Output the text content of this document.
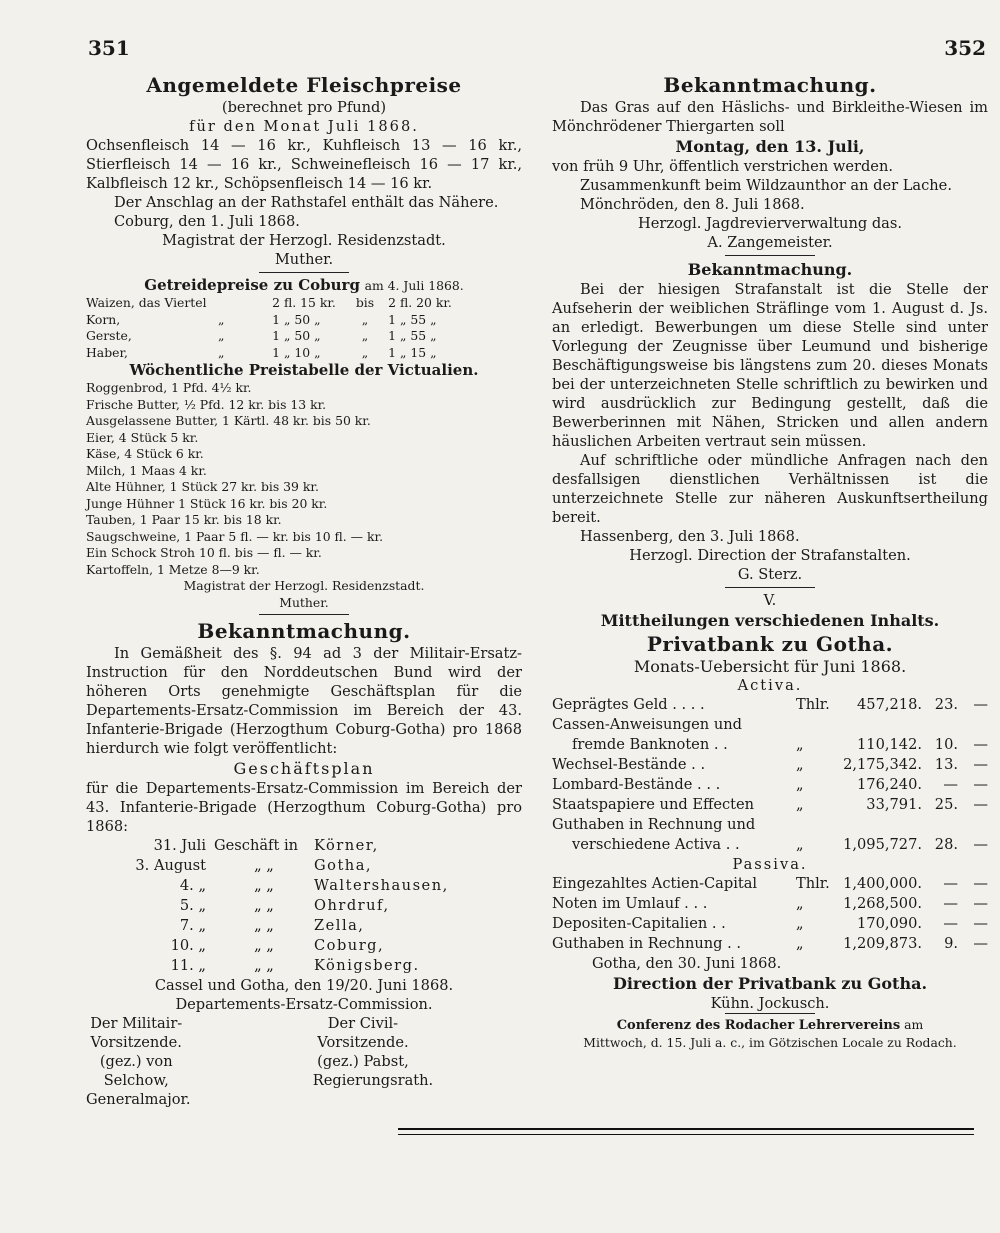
351	352

Angemeldete Fleischpreise

(berechnet pro Pfund)

für den Monat Juli 1868.

Ochsenfleisch 14 — 16 kr., Kuhfleisch 13 — 16 kr., Stierfleisch 14 — 16 kr., Schweinefleisch 16 — 17 kr., Kalbfleisch 12 kr., Schöpsenfleisch 14 — 16 kr.

Der Anschlag an der Rathstafel enthält das Nähere.

Coburg, den 1. Juli 1868.

Magistrat der Herzogl. Residenzstadt.

Muther.

Getreidepreise zu Coburg am 4. Juli 1868.

Waizen, das Viertel	2 fl. 15 kr.	bis	2 fl. 20 kr.
Korn,	„	1 „ 50 „	„	1 „ 55 „
Gerste,	„	1 „ 50 „	„	1 „ 55 „
Haber,	„	1 „ 10 „	„	1 „ 15 „

Wöchentliche Preistabelle der Victualien.

Roggenbrod, 1 Pfd. 4½ kr.

Frische Butter, ½ Pfd. 12 kr. bis 13 kr.

Ausgelassene Butter, 1 Kärtl. 48 kr. bis 50 kr.

Eier, 4 Stück 5 kr.

Käse, 4 Stück 6 kr.

Milch, 1 Maas 4 kr.

Alte Hühner, 1 Stück 27 kr. bis 39 kr.

Junge Hühner 1 Stück 16 kr. bis 20 kr.

Tauben, 1 Paar 15 kr. bis 18 kr.

Saugschweine, 1 Paar 5 fl. — kr. bis 10 fl. — kr.

Ein Schock Stroh 10 fl. bis — fl. — kr.

Kartoffeln, 1 Metze 8—9 kr.

Magistrat der Herzogl. Residenzstadt.

Muther.

Bekanntmachung.

In Gemäßheit des §. 94 ad 3 der Militair-Ersatz-Instruction für den Norddeutschen Bund wird der höheren Orts genehmigte Geschäftsplan für die Departements-Ersatz-Commission im Bereich der 43. Infanterie-Brigade (Herzogthum Coburg-Gotha) pro 1868 hierdurch wie folgt veröffentlicht:

Geschäftsplan

für die Departements-Ersatz-Commission im Bereich der 43. Infanterie-Brigade (Herzogthum Coburg-Gotha) pro 1868:

31. Juli Geschäft in	Körner,
3. August	„ „	Gotha,
4. „	„ „	Waltershausen,
5. „	„ „	Ohrdruf,
7. „	„ „	Zella,
10. „	„ „	Coburg,
11. „	„ „	Königsberg.

Cassel und Gotha, den 19/20. Juni 1868.

Departements-Ersatz-Commission.

Der Militair-Vorsitzende.
(gez.) von Selchow,
Generalmajor.
Der Civil-Vorsitzende.
(gez.) Pabst,
Regierungsrath.

Bekanntmachung.

Das Gras auf den Häslichs- und Birkleithe-Wiesen im Mönchrödener Thiergarten soll

Montag, den 13. Juli,

von früh 9 Uhr, öffentlich verstrichen werden.

Zusammenkunft beim Wildzaunthor an der Lache.

Mönchröden, den 8. Juli 1868.

Herzogl. Jagdrevierverwaltung das.

A. Zangemeister.

Bekanntmachung.

Bei der hiesigen Strafanstalt ist die Stelle der Aufseherin der weiblichen Sträflinge vom 1. August d. Js. an erledigt. Bewerbungen um diese Stelle sind unter Vorlegung der Zeugnisse über Leumund und bisherige Beschäftigungsweise bis längstens zum 20. dieses Monats bei der unterzeichneten Stelle schriftlich zu bewirken und wird ausdrücklich zur Bedingung gestellt, daß die Bewerberinnen mit Nähen, Stricken und allen andern häuslichen Arbeiten vertraut sein müssen.

Auf schriftliche oder mündliche Anfragen nach den desfallsigen dienstlichen Verhältnissen ist die unterzeichnete Stelle zur näheren Auskunftsertheilung bereit.

Hassenberg, den 3. Juli 1868.

Herzogl. Direction der Strafanstalten.

G. Sterz.

V.

Mittheilungen verschiedenen Inhalts.

Privatbank zu Gotha.

Monats-Uebersicht für Juni 1868.

Activa.

Geprägtes Geld . . . .	Thlr.	457,218. 23.	—
Cassen-Anweisungen und
fremde Banknoten . .	„	110,142. 10.	—
Wechsel-Bestände . .	„	2,175,342. 13.	—
Lombard-Bestände . . .	„	176,240.	—	—
Staatspapiere und Effecten	„	33,791. 25.	—
Guthaben in Rechnung und
verschiedene Activa . .	„	1,095,727. 28.	—

Passiva.

Eingezahltes Actien-Capital	Thlr. 1,400,000.	—	—
Noten im Umlauf . . .	„	1,268,500.	—	—
Depositen-Capitalien . .	„	170,090.	—	—
Guthaben in Rechnung . .	„	1,209,873.	9.	—

Gotha, den 30. Juni 1868.

Direction der Privatbank zu Gotha.

Kühn. Jockusch.

Conferenz des Rodacher Lehrervereins am

Mittwoch, d. 15. Juli a. c., im Götzischen Locale zu Rodach.
